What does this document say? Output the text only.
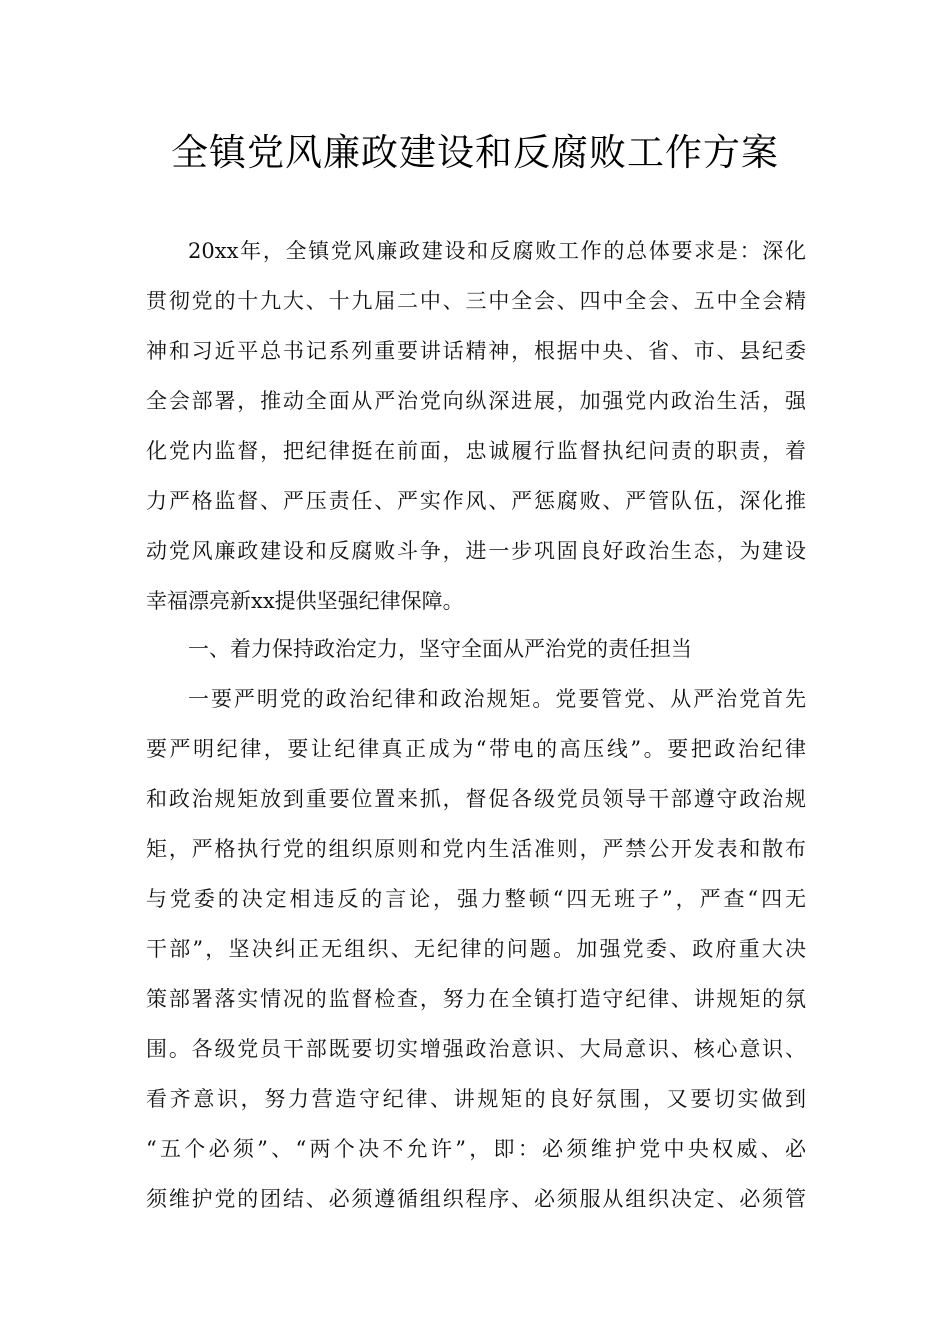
全镇党风廉政建设和反腐败工作方案
20xx年，全镇党风廉政建设和反腐败工作的总体要求是：深化
贯彻党的十九大、十九届二中、三中全会、四中全会、五中全会精
神和习近平总书记系列重要讲话精神，根据中央、省、市、县纪委
全会部署，推动全面从严治党向纵深进展，加强党内政治生活，强
化党内监督，把纪律挺在前面，忠诚履行监督执纪问责的职责，着
力严格监督、严压责任、严实作风、严惩腐败、严管队伍，深化推
动党风廉政建设和反腐败斗争，进一步巩固良好政治生态，为建设
幸福漂亮新xx提供坚强纪律保障。
一、着力保持政治定力，坚守全面从严治党的责任担当
一要严明党的政治纪律和政治规矩。党要管党、从严治党首先
要严明纪律，要让纪律真正成为“带电的高压线”。要把政治纪律
和政治规矩放到重要位置来抓，督促各级党员领导干部遵守政治规
矩，严格执行党的组织原则和党内生活准则，严禁公开发表和散布
与党委的决定相违反的言论，强力整顿“四无班子”，严查“四无
干部”，坚决纠正无组织、无纪律的问题。加强党委、政府重大决
策部署落实情况的监督检查，努力在全镇打造守纪律、讲规矩的氛
围。各级党员干部既要切实增强政治意识、大局意识、核心意识、
看齐意识，努力营造守纪律、讲规矩的良好氛围，又要切实做到
“五个必须”、“两个决不允许”，即：必须维护党中央权威、必
须维护党的团结、必须遵循组织程序、必须服从组织决定、必须管
